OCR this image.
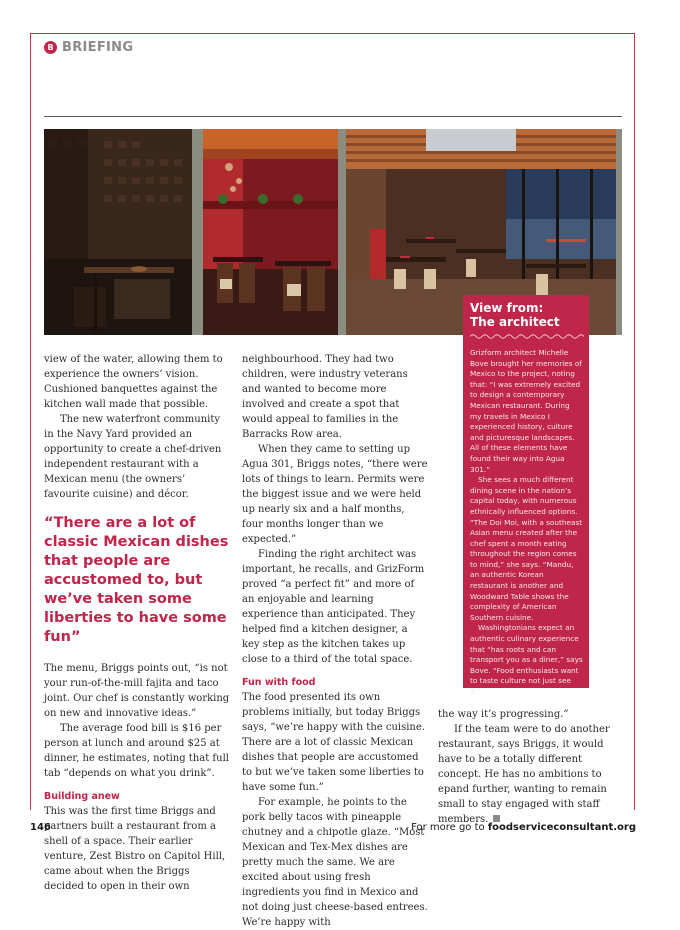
B BRIEFING

view of the water, allowing them to experience the owners’ vision. Cushioned banquettes against the kitchen wall made that possible.

The new waterfront community in the Navy Yard provided an opportunity to create a chef-driven independent restaurant with a Mexican menu (the owners’ favourite cuisine) and décor.

“There are a lot of classic Mexican dishes that people are accustomed to, but we’ve taken some liberties to have some fun”

The menu, Briggs points out, “is not your run-of-the-mill fajita and taco joint. Our chef is constantly working on new and innovative ideas.”

The average food bill is $16 per person at lunch and around $25 at dinner, he estimates, noting that full tab “depends on what you drink”.

Building anew

This was the first time Briggs and partners built a restaurant from a shell of a space. Their earlier venture, Zest Bistro on Capitol Hill, came about when the Briggs decided to open in their own

neighbourhood. They had two children, were industry veterans and wanted to become more involved and create a spot that would appeal to families in the Barracks Row area.

When they came to setting up Agua 301, Briggs notes, “there were lots of things to learn. Permits were the biggest issue and we were held up nearly six and a half months, four months longer than we expected.”

Finding the right architect was important, he recalls, and GrizForm proved “a perfect fit” and more of an enjoyable and learning experience than anticipated. They helped find a kitchen designer, a key step as the kitchen takes up close to a third of the total space.

Fun with food

The food presented its own problems initially, but today Briggs says, “we’re happy with the cuisine. There are a lot of classic Mexican dishes that people are accustomed to but we’ve taken some liberties to have some fun.”

For example, he points to the pork belly tacos with pineapple chutney and a chipotle glaze. “Most Mexican and Tex-Mex dishes are pretty much the same. We are excited about using fresh ingredients you find in Mexico and not doing just cheese-based entrees. We’re happy with

the way it’s progressing.”

If the team were to do another restaurant, says Briggs, it would have to be a totally different concept. He has no ambitions to epand further, wanting to remain small to stay engaged with staff members.

View from:
The architect

Grizform architect Michelle Bove brought her memories of Mexico to the project, noting that: “I was extremely excited to design a contemporary Mexican restaurant. During my travels in Mexico I experienced history, culture and picturesque landscapes. All of these elements have found their way into Agua 301.”

She sees a much different dining scene in the nation’s capital today, with numerous ethnically influenced options. “The Doi Moi, with a southeast Asian menu created after the chef spent a month eating throughout the region comes to mind,” she says. “Mandu, an authentic Korean restaurant is another and Woodward Table shows the complexity of American Southern cuisine.

Washingtonians expect an authentic culinary experience that “has roots and can transport you as a diner,” says Bove. “Food enthusiasts want to taste culture not just see it.”

146	For more go to foodserviceconsultant.org
